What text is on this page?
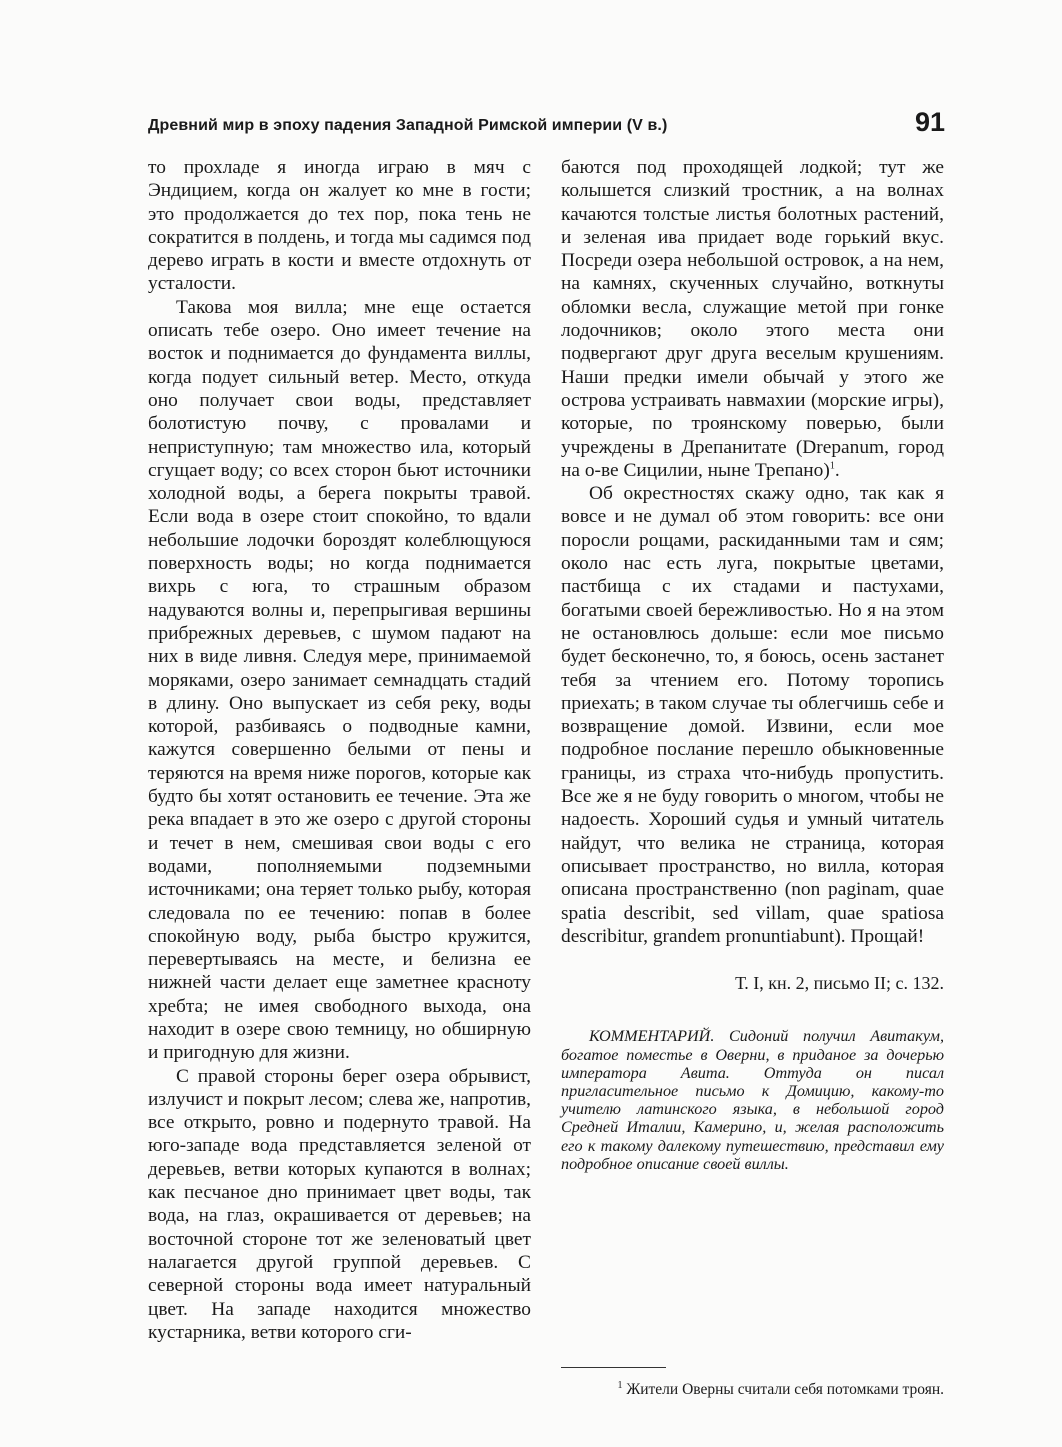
Древний мир в эпоху падения Западной Римской империи (V в.)	91

то прохладе я иногда играю в мяч с Эндицием, когда он жалует ко мне в гости; это продолжается до тех пор, пока тень не сократится в полдень, и тогда мы садимся под дерево играть в кости и вместе отдохнуть от усталости.

Такова моя вилла; мне еще остается описать тебе озеро. Оно имеет течение на восток и поднимается до фундамента виллы, когда подует сильный ветер. Место, откуда оно получает свои воды, представляет болотистую почву, с провалами и неприступную; там множество ила, который сгущает воду; со всех сторон бьют источники холодной воды, а берега покрыты травой. Если вода в озере стоит спокойно, то вдали небольшие лодочки бороздят колеблющуюся поверхность воды; но когда поднимается вихрь с юга, то страшным образом надуваются волны и, перепрыгивая вершины прибрежных деревьев, с шумом падают на них в виде ливня. Следуя мере, принимаемой моряками, озеро занимает семнадцать стадий в длину. Оно выпускает из себя реку, воды которой, разбиваясь о подводные камни, кажутся совершенно белыми от пены и теряются на время ниже порогов, которые как будто бы хотят остановить ее течение. Эта же река впадает в это же озеро с другой стороны и течет в нем, смешивая свои воды с его водами, пополняемыми подземными источниками; она теряет только рыбу, которая следовала по ее течению: попав в более спокойную воду, рыба быстро кружится, перевертываясь на месте, и белизна ее нижней части делает еще заметнее красноту хребта; не имея свободного выхода, она находит в озере свою темницу, но обширную и пригодную для жизни.

С правой стороны берег озера обрывист, излучист и покрыт лесом; слева же, напротив, все открыто, ровно и подернуто травой. На юго-западе вода представляется зеленой от деревьев, ветви которых купаются в волнах; как песчаное дно принимает цвет воды, так вода, на глаз, окрашивается от деревьев; на восточной стороне тот же зеленоватый цвет налагается другой группой деревьев. С северной стороны вода имеет натуральный цвет. На западе находится множество кустарника, ветви которого сги-

баются под проходящей лодкой; тут же колышется слизкий тростник, а на волнах качаются толстые листья болотных растений, и зеленая ива придает воде горький вкус. Посреди озера небольшой островок, а на нем, на камнях, скученных случайно, воткнуты обломки весла, служащие метой при гонке лодочников; около этого места они подвергают друг друга веселым крушениям. Наши предки имели обычай у этого же острова устраивать навмахии (морские игры), которые, по троянскому поверью, были учреждены в Дрепанитате (Drepanum, город на о-ве Сицилии, ныне Трепано)$^1$.

Об окрестностях скажу одно, так как я вовсе и не думал об этом говорить: все они поросли рощами, раскиданными там и сям; около нас есть луга, покрытые цветами, пастбища с их стадами и пастухами, богатыми своей бережливостью. Но я на этом не остановлюсь дольше: если мое письмо будет бесконечно, то, я боюсь, осень застанет тебя за чтением его. Потому торопись приехать; в таком случае ты облегчишь себе и возвращение домой. Извини, если мое подробное послание перешло обыкновенные границы, из страха что-нибудь пропустить. Все же я не буду говорить о многом, чтобы не надоесть. Хороший судья и умный читатель найдут, что велика не страница, которая описывает пространство, но вилла, которая описана пространственно (non paginam, quae spatia describit, sed villam, quae spatiosa describitur, grandem pronuntiabunt). Прощай!

Т. I, кн. 2, письмо II; с. 132.

КОММЕНТАРИЙ. Сидоний получил Авитакум, богатое поместье в Оверни, в приданое за дочерью императора Авита. Оттуда он писал пригласительное письмо к Домицию, какому-то учителю латинского языка, в небольшой город Средней Италии, Камерино, и, желая расположить его к такому далекому путешествию, представил ему подробное описание своей виллы.

$^1$ Жители Оверны считали себя потомками троян.
